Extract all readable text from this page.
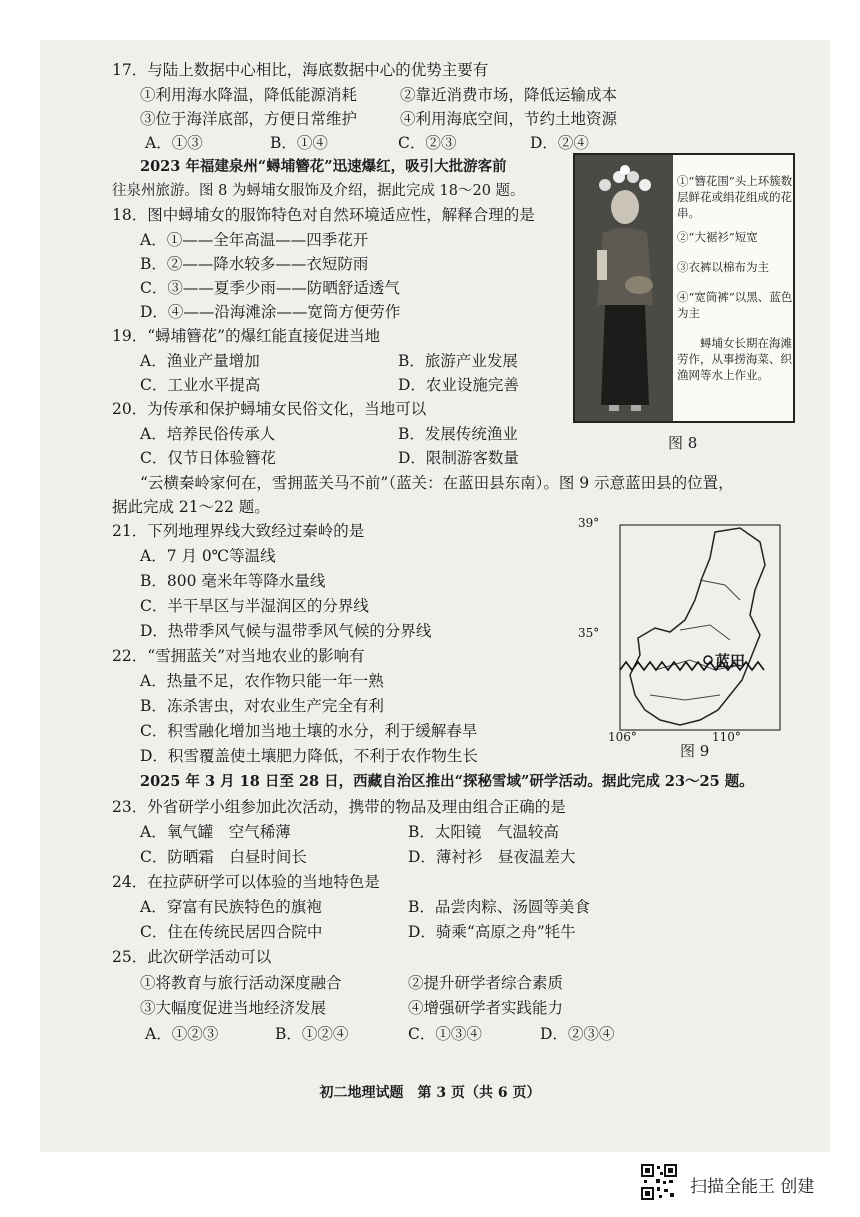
17．与陆上数据中心相比，海底数据中心的优势主要有
①利用海水降温，降低能源消耗	②靠近消费市场，降低运输成本
③位于海洋底部，方便日常维护	④利用海底空间，节约土地资源
A．①③	B．①④	C．②③	D．②④
2023 年福建泉州“蟳埔簪花”迅速爆红，吸引大批游客前
往泉州旅游。图 8 为蟳埔女服饰及介绍，据此完成 18～20 题。
18．图中蟳埔女的服饰特色对自然环境适应性，解释合理的是
A．①——全年高温——四季花开
B．②——降水较多——衣短防雨
C．③——夏季少雨——防晒舒适透气
D．④——沿海滩涂——宽筒方便劳作
19．“蟳埔簪花”的爆红能直接促进当地
A．渔业产量增加	B．旅游产业发展
C．工业水平提高	D．农业设施完善
20．为传承和保护蟳埔女民俗文化，当地可以
A．培养民俗传承人	B．发展传统渔业
C．仅节日体验簪花	D．限制游客数量
①“簪花围”头上环簇数层鲜花或绢花组成的花串。
②“大裾衫”短宽
③衣裤以棉布为主
④“宽筒裤”以黑、蓝色为主
蟳埔女长期在海滩劳作，从事捞海菜、织渔网等水上作业。
图 8
“云横秦岭家何在，雪拥蓝关马不前”（蓝关：在蓝田县东南）。图 9 示意蓝田县的位置，
据此完成 21～22 题。
21．下列地理界线大致经过秦岭的是
A．7 月 0℃等温线
B．800 毫米年等降水量线
C．半干旱区与半湿润区的分界线
D．热带季风气候与温带季风气候的分界线
22．“雪拥蓝关”对当地农业的影响有
A．热量不足，农作物只能一年一熟
B．冻杀害虫，对农业生产完全有利
C．积雪融化增加当地土壤的水分，利于缓解春旱
D．积雪覆盖使土壤肥力降低，不利于农作物生长
39°
35°
106°	110°
蓝田
图 9
2025 年 3 月 18 日至 28 日，西藏自治区推出“探秘雪域”研学活动。据此完成 23～25 题。
23．外省研学小组参加此次活动，携带的物品及理由组合正确的是
A．氧气罐　空气稀薄	B．太阳镜　气温较高
C．防晒霜　白昼时间长	D．薄衬衫　昼夜温差大
24．在拉萨研学可以体验的当地特色是
A．穿富有民族特色的旗袍	B．品尝肉粽、汤圆等美食
C．住在传统民居四合院中	D．骑乘“高原之舟”牦牛
25．此次研学活动可以
①将教育与旅行活动深度融合	②提升研学者综合素质
③大幅度促进当地经济发展	④增强研学者实践能力
A．①②③	B．①②④	C．①③④	D．②③④
初二地理试题　第 3 页（共 6 页）
扫描全能王 创建
